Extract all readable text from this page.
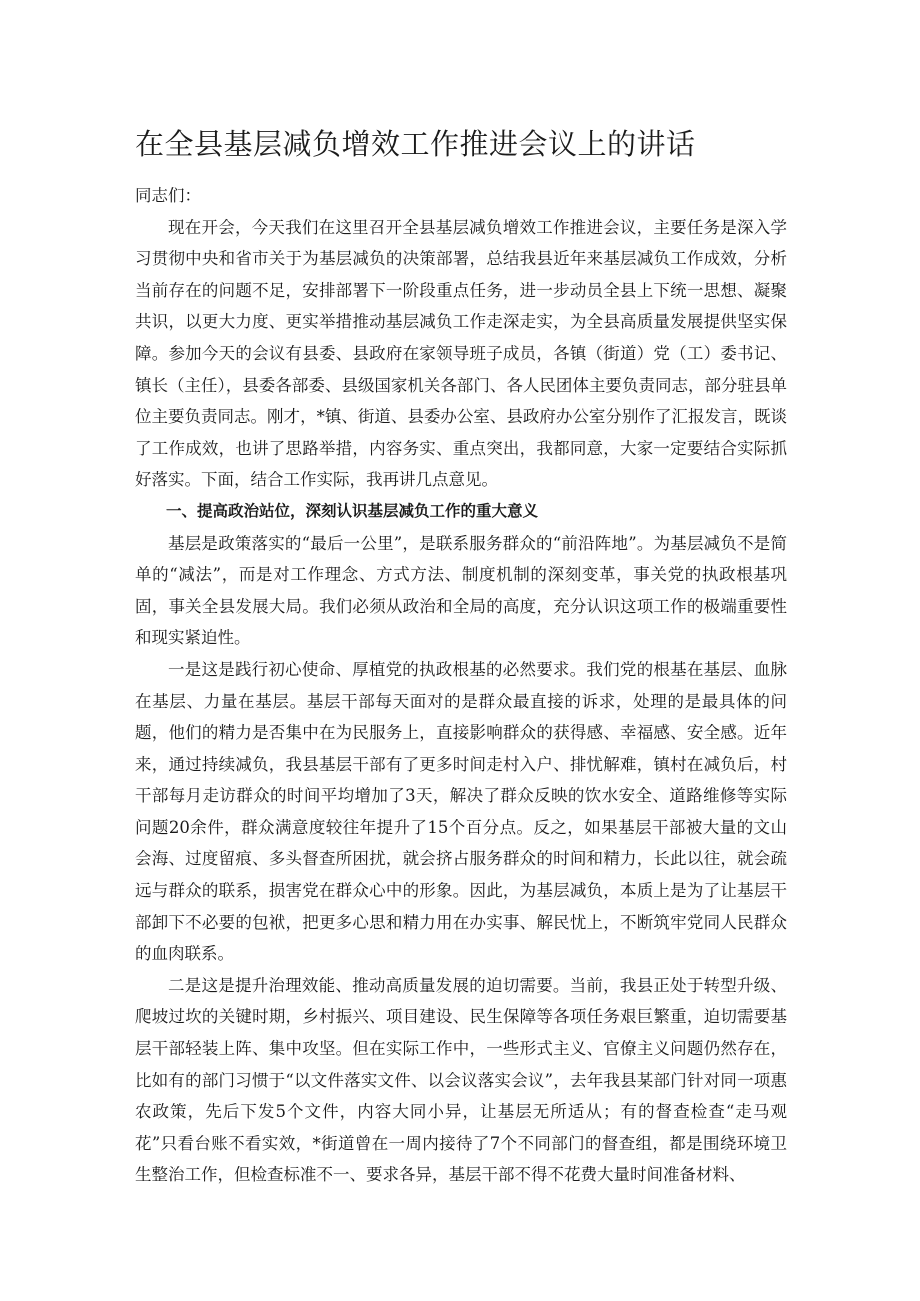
在全县基层减负增效工作推进会议上的讲话

同志们：

现在开会，今天我们在这里召开全县基层减负增效工作推进会议，主要任务是深入学习贯彻中央和省市关于为基层减负的决策部署，总结我县近年来基层减负工作成效，分析当前存在的问题不足，安排部署下一阶段重点任务，进一步动员全县上下统一思想、凝聚共识，以更大力度、更实举措推动基层减负工作走深走实，为全县高质量发展提供坚实保障。参加今天的会议有县委、县政府在家领导班子成员，各镇（街道）党（工）委书记、镇长（主任），县委各部委、县级国家机关各部门、各人民团体主要负责同志，部分驻县单位主要负责同志。刚才，*镇、街道、县委办公室、县政府办公室分别作了汇报发言，既谈了工作成效，也讲了思路举措，内容务实、重点突出，我都同意，大家一定要结合实际抓好落实。下面，结合工作实际，我再讲几点意见。

一、提高政治站位，深刻认识基层减负工作的重大意义

基层是政策落实的“最后一公里”，是联系服务群众的“前沿阵地”。为基层减负不是简单的“减法”，而是对工作理念、方式方法、制度机制的深刻变革，事关党的执政根基巩固，事关全县发展大局。我们必须从政治和全局的高度，充分认识这项工作的极端重要性和现实紧迫性。

一是这是践行初心使命、厚植党的执政根基的必然要求。我们党的根基在基层、血脉在基层、力量在基层。基层干部每天面对的是群众最直接的诉求，处理的是最具体的问题，他们的精力是否集中在为民服务上，直接影响群众的获得感、幸福感、安全感。近年来，通过持续减负，我县基层干部有了更多时间走村入户、排忧解难，镇村在减负后，村干部每月走访群众的时间平均增加了3天，解决了群众反映的饮水安全、道路维修等实际问题20余件，群众满意度较往年提升了15个百分点。反之，如果基层干部被大量的文山会海、过度留痕、多头督查所困扰，就会挤占服务群众的时间和精力，长此以往，就会疏远与群众的联系，损害党在群众心中的形象。因此，为基层减负，本质上是为了让基层干部卸下不必要的包袱，把更多心思和精力用在办实事、解民忧上，不断筑牢党同人民群众的血肉联系。

二是这是提升治理效能、推动高质量发展的迫切需要。当前，我县正处于转型升级、爬坡过坎的关键时期，乡村振兴、项目建设、民生保障等各项任务艰巨繁重，迫切需要基层干部轻装上阵、集中攻坚。但在实际工作中，一些形式主义、官僚主义问题仍然存在，比如有的部门习惯于“以文件落实文件、以会议落实会议”，去年我县某部门针对同一项惠农政策，先后下发5个文件，内容大同小异，让基层无所适从；有的督查检查“走马观花”只看台账不看实效，*街道曾在一周内接待了7个不同部门的督查组，都是围绕环境卫生整治工作，但检查标准不一、要求各异，基层干部不得不花费大量时间准备材料、
